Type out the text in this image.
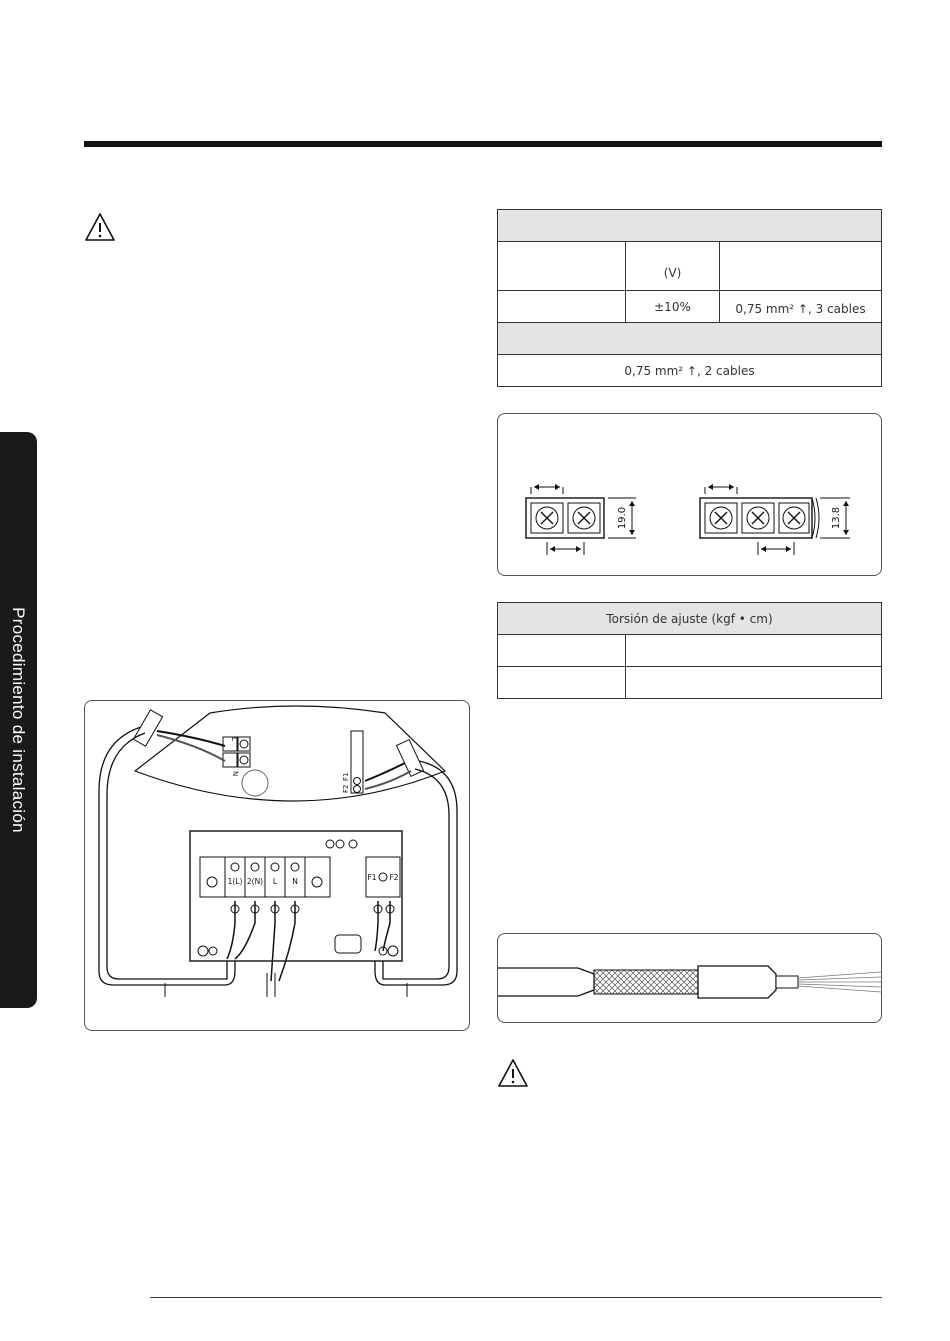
Procedimiento de instalación

	(V)	
	±10%	0,75 mm² ↑, 3 cables

0,75 mm² ↑, 2 cables		
19.0	13.8
Torsión de ajuste (kgf • cm)	

L
N	F1
F2
1(L) 2(N) L N	F1 F2
